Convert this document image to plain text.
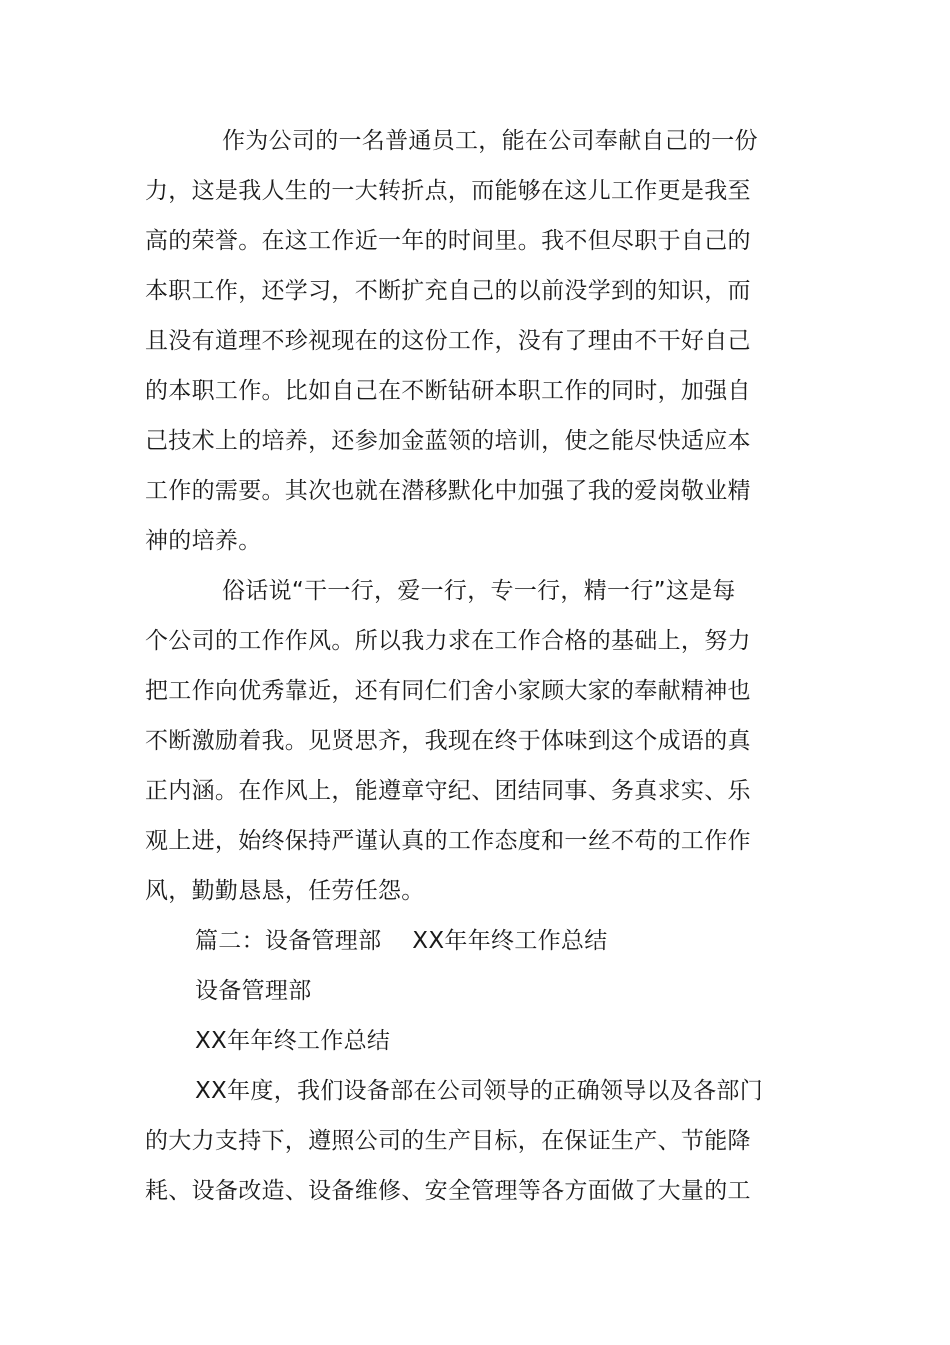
作为公司的一名普通员工，能在公司奉献自己的一份
力，这是我人生的一大转折点，而能够在这儿工作更是我至
高的荣誉。在这工作近一年的时间里。我不但尽职于自己的
本职工作，还学习，不断扩充自己的以前没学到的知识，而
且没有道理不珍视现在的这份工作，没有了理由不干好自己
的本职工作。比如自己在不断钻研本职工作的同时，加强自
己技术上的培养，还参加金蓝领的培训，使之能尽快适应本
工作的需要。其次也就在潜移默化中加强了我的爱岗敬业精
神的培养。
俗话说“干一行，爱一行，专一行，精一行”这是每
个公司的工作作风。所以我力求在工作合格的基础上，努力
把工作向优秀靠近，还有同仁们舍小家顾大家的奉献精神也
不断激励着我。见贤思齐，我现在终于体味到这个成语的真
正内涵。在作风上，能遵章守纪、团结同事、务真求实、乐
观上进，始终保持严谨认真的工作态度和一丝不苟的工作作
风，勤勤恳恳，任劳任怨。
篇二：设备管理部　 XX年年终工作总结
设备管理部
XX年年终工作总结
XX年度，我们设备部在公司领导的正确领导以及各部门
的大力支持下，遵照公司的生产目标，在保证生产、节能降
耗、设备改造、设备维修、安全管理等各方面做了大量的工
